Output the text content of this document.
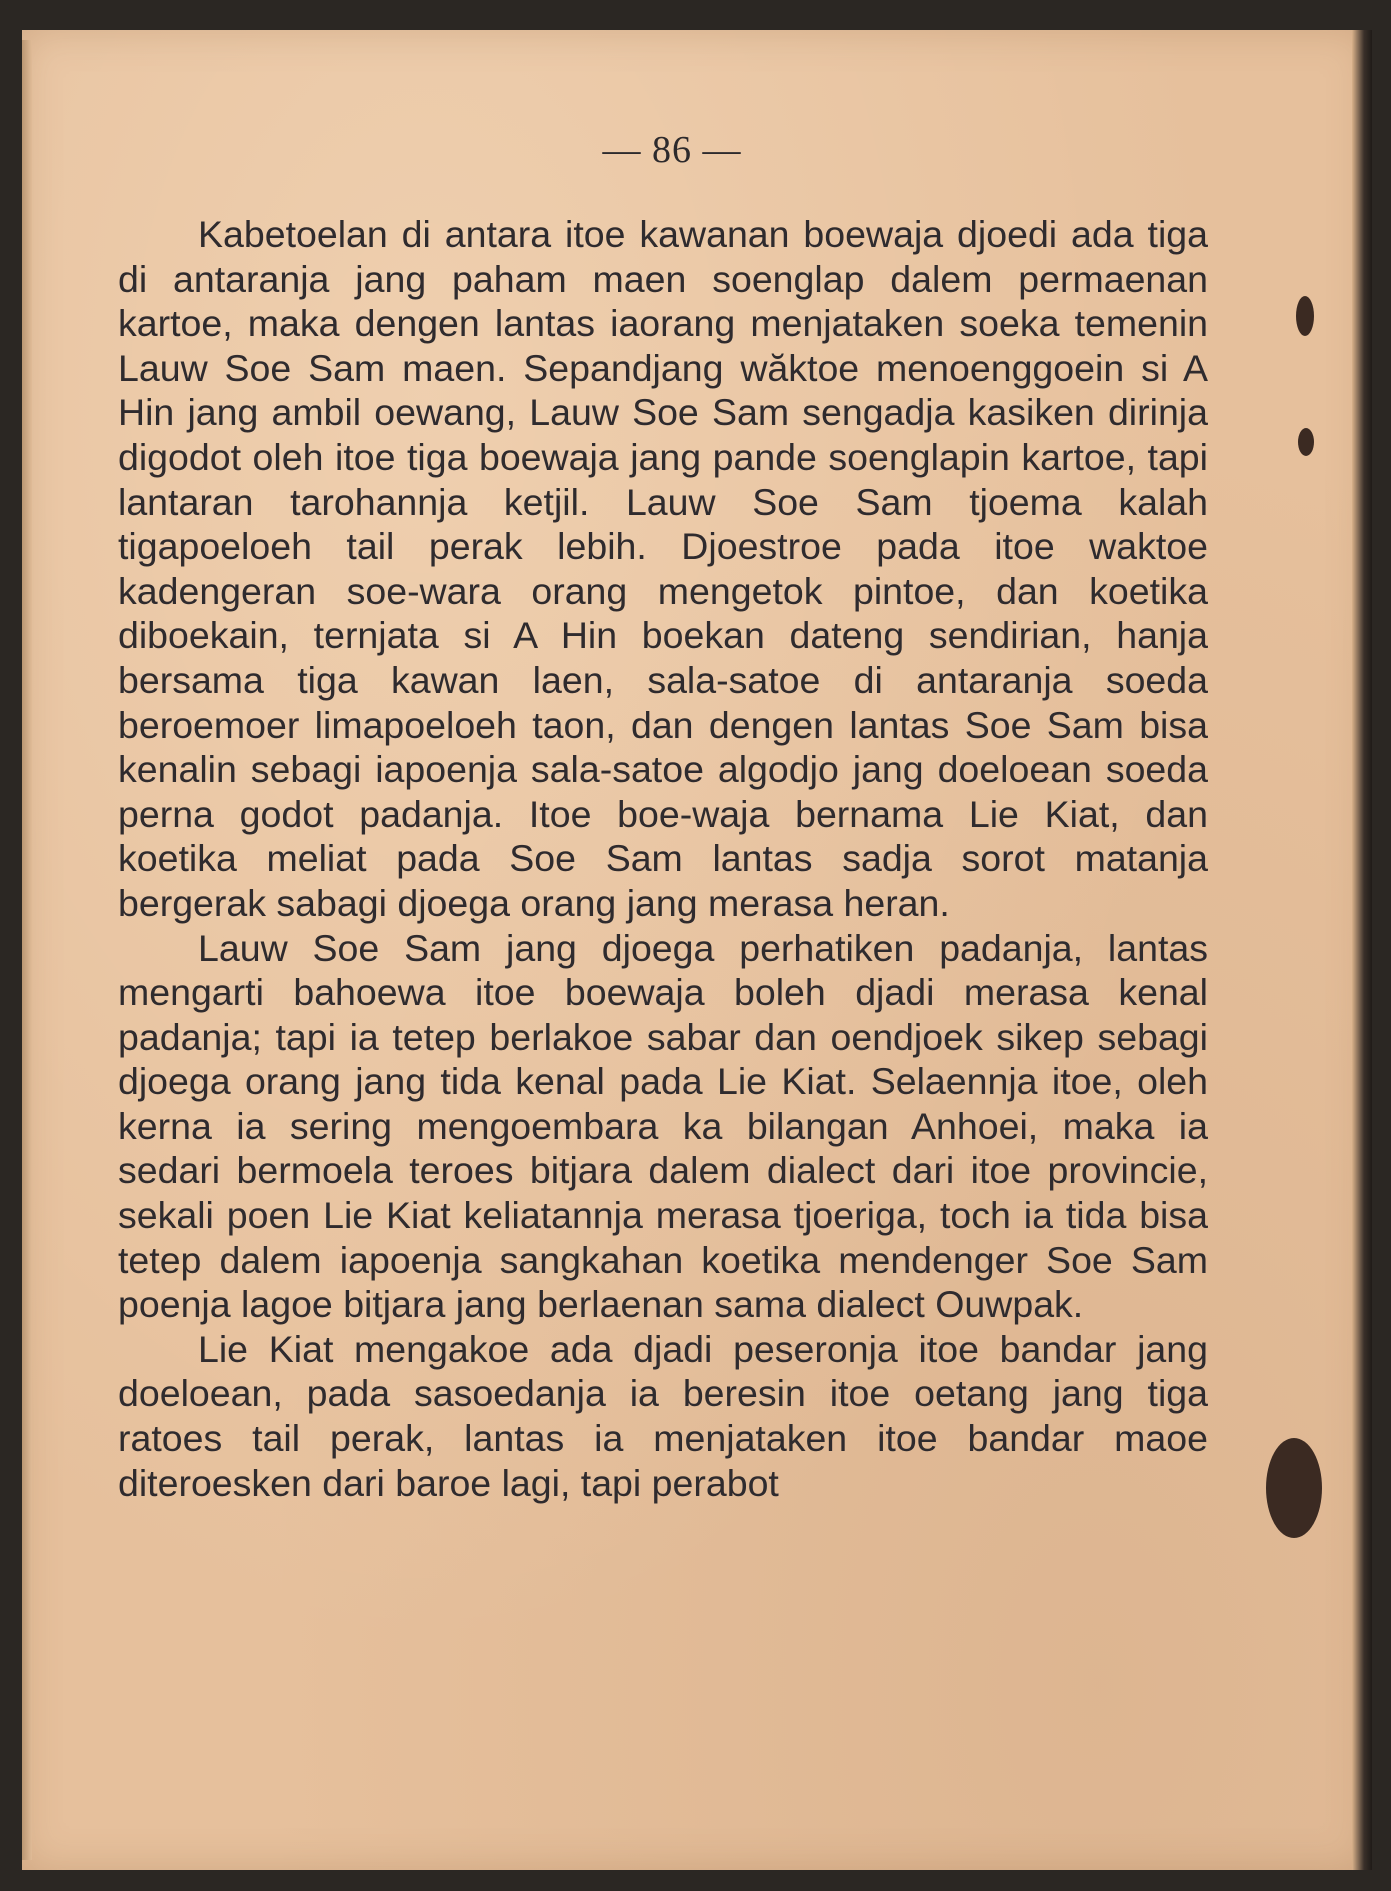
— 86 —

Kabetoelan di antara itoe kawanan boewaja djoedi ada tiga di antaranja jang paham maen soenglap dalem permaenan kartoe, maka dengen lantas iaorang menjataken soeka temenin Lauw Soe Sam maen. Sepandjang wăktoe menoenggoein si A Hin jang ambil oewang, Lauw Soe Sam sengadja kasiken dirinja digodot oleh itoe tiga boewaja jang pande soenglapin kartoe, tapi lantaran tarohannja ketjil. Lauw Soe Sam tjoema kalah tigapoeloeh tail perak lebih. Djoestroe pada itoe waktoe kadengeran soe-wara orang mengetok pintoe, dan koetika diboekain, ternjata si A Hin boekan dateng sendirian, hanja bersama tiga kawan laen, sala-satoe di antaranja soeda beroemoer limapoeloeh taon, dan dengen lantas Soe Sam bisa kenalin sebagi iapoenja sala-satoe algodjo jang doeloean soeda perna godot padanja. Itoe boe-waja bernama Lie Kiat, dan koetika meliat pada Soe Sam lantas sadja sorot matanja bergerak sabagi djoega orang jang merasa heran.

Lauw Soe Sam jang djoega perhatiken padanja, lantas mengarti bahoewa itoe boewaja boleh djadi merasa kenal padanja; tapi ia tetep berlakoe sabar dan oendjoek sikep sebagi djoega orang jang tida kenal pada Lie Kiat. Selaennja itoe, oleh kerna ia sering mengoembara ka bilangan Anhoei, maka ia sedari bermoela teroes bitjara dalem dialect dari itoe provincie, sekali poen Lie Kiat keliatannja merasa tjoeriga, toch ia tida bisa tetep dalem iapoenja sangkahan koetika mendenger Soe Sam poenja lagoe bitjara jang berlaenan sama dialect Ouwpak.

Lie Kiat mengakoe ada djadi peseronja itoe bandar jang doeloean, pada sasoedanja ia beresin itoe oetang jang tiga ratoes tail perak, lantas ia menjataken itoe bandar maoe diteroesken dari baroe lagi, tapi perabot
